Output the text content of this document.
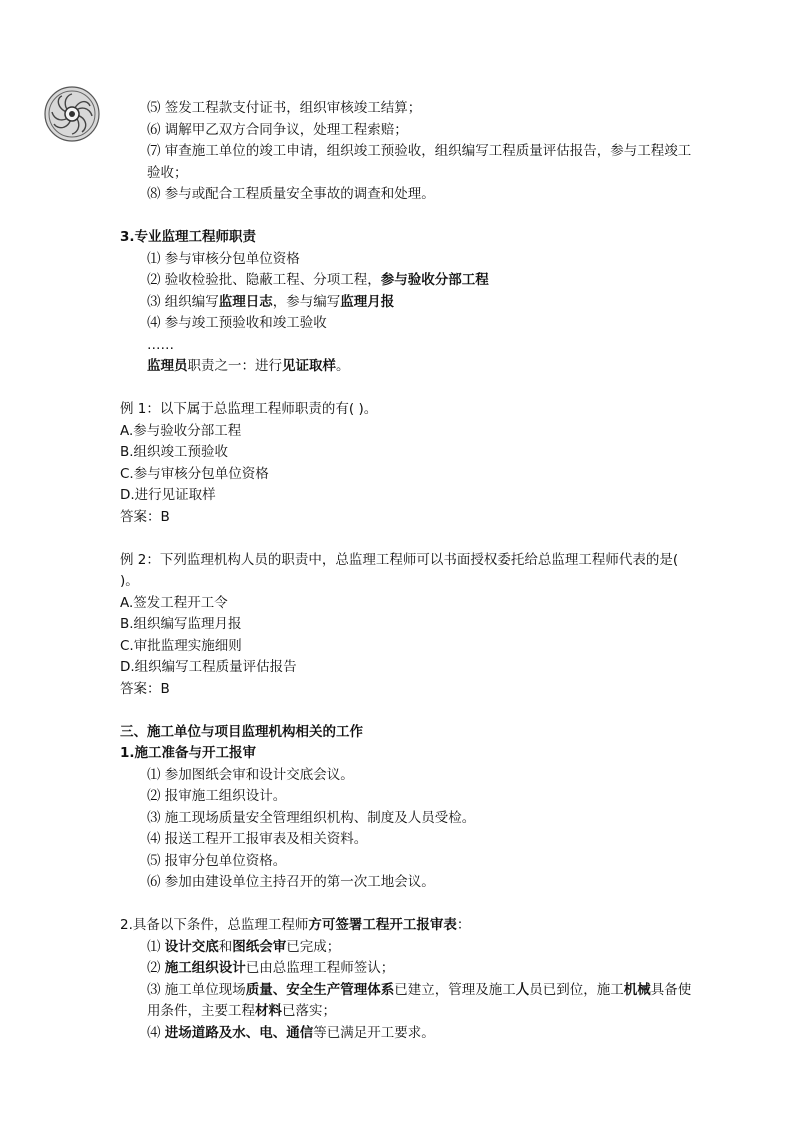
⑸ 签发工程款支付证书，组织审核竣工结算；
⑹ 调解甲乙双方合同争议，处理工程索赔；
⑺ 审查施工单位的竣工申请，组织竣工预验收，组织编写工程质量评估报告，参与工程竣工验收；
⑻ 参与或配合工程质量安全事故的调查和处理。
3.专业监理工程师职责
⑴ 参与审核分包单位资格
⑵ 验收检验批、隐蔽工程、分项工程，参与验收分部工程
⑶ 组织编写监理日志，参与编写监理月报
⑷ 参与竣工预验收和竣工验收
……
监理员职责之一：进行见证取样。
例 1：以下属于总监理工程师职责的有( )。
A.参与验收分部工程
B.组织竣工预验收
C.参与审核分包单位资格
D.进行见证取样
答案：B
例 2：下列监理机构人员的职责中，总监理工程师可以书面授权委托给总监理工程师代表的是( )。
A.签发工程开工令
B.组织编写监理月报
C.审批监理实施细则
D.组织编写工程质量评估报告
答案：B
三、施工单位与项目监理机构相关的工作
1.施工准备与开工报审
⑴ 参加图纸会审和设计交底会议。
⑵ 报审施工组织设计。
⑶ 施工现场质量安全管理组织机构、制度及人员受检。
⑷ 报送工程开工报审表及相关资料。
⑸ 报审分包单位资格。
⑹ 参加由建设单位主持召开的第一次工地会议。
2.具备以下条件，总监理工程师方可签署工程开工报审表：
⑴ 设计交底和图纸会审已完成；
⑵ 施工组织设计已由总监理工程师签认；
⑶ 施工单位现场质量、安全生产管理体系已建立，管理及施工人员已到位，施工机械具备使用条件，主要工程材料已落实；
⑷ 进场道路及水、电、通信等已满足开工要求。
